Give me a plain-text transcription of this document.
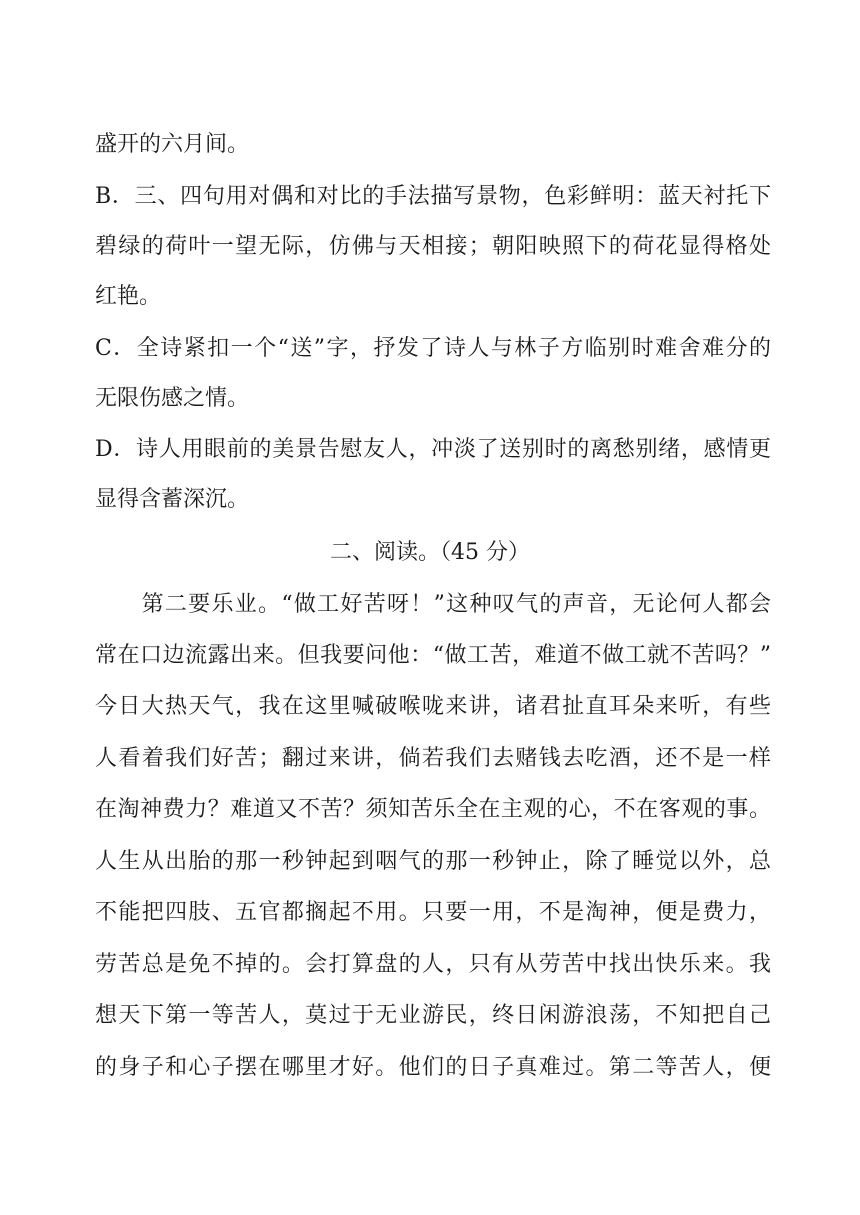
盛开的六月间。

B．三、四句用对偶和对比的手法描写景物，色彩鲜明：蓝天衬托下

碧绿的荷叶一望无际，仿佛与天相接；朝阳映照下的荷花显得格处

红艳。

C．全诗紧扣一个“送”字，抒发了诗人与林子方临别时难舍难分的

无限伤感之情。

D．诗人用眼前的美景告慰友人，冲淡了送别时的离愁别绪，感情更

显得含蓄深沉。

二、阅读。（45 分）

　　第二要乐业。“做工好苦呀！”这种叹气的声音，无论何人都会

常在口边流露出来。但我要问他：“做工苦，难道不做工就不苦吗？”

今日大热天气，我在这里喊破喉咙来讲，诸君扯直耳朵来听，有些

人看着我们好苦；翻过来讲，倘若我们去赌钱去吃酒，还不是一样

在淘神费力？难道又不苦？须知苦乐全在主观的心，不在客观的事。

人生从出胎的那一秒钟起到咽气的那一秒钟止，除了睡觉以外，总

不能把四肢、五官都搁起不用。只要一用，不是淘神，便是费力，

劳苦总是免不掉的。会打算盘的人，只有从劳苦中找出快乐来。我

想天下第一等苦人，莫过于无业游民，终日闲游浪荡，不知把自己

的身子和心子摆在哪里才好。他们的日子真难过。第二等苦人，便
